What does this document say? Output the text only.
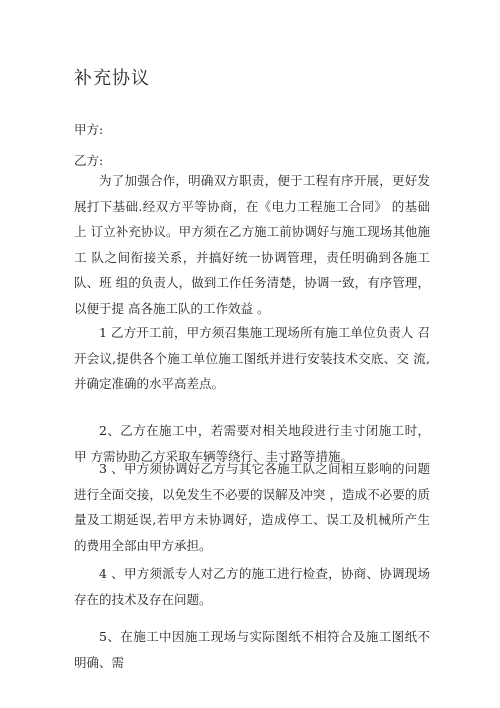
补充协议

甲方:

乙方:

为了加强合作，明确双方职责，便于工程有序开展，更好发 展打下基础.经双方平等协商，在《电力工程施工合同》 的基础上 订立补充协议。甲方须在乙方施工前协调好与施工现场其他施工 队之间衔接关系，并搞好统一协调管理，责任明确到各施工队、班 组的负责人，做到工作任务清楚，协调一致，有序管理，以便于提 高各施工队的工作效益 。

1 乙方开工前，甲方须召集施工现场所有施工单位负责人 召开会议,提供各个施工单位施工图纸并进行安装技术交底、交 流,并确定准确的水平高差点。

2、乙方在施工中，若需要对相关地段进行圭寸闭施工时，甲 方需协助乙方采取车辆等绕行、圭寸路等措施。

3 、甲方须协调好乙方与其它各施工队之间相互影响的问题 进行全面交接，以免发生不必要的误解及冲突 ，造成不必要的质 量及工期延误,若甲方未协调好，造成停工、误工及机械所产生 的费用全部由甲方承担。

4 、甲方须派专人对乙方的施工进行检查，协商、协调现场 存在的技术及存在问题。

5、在施工中因施工现场与实际图纸不相符合及施工图纸不 明确、需
